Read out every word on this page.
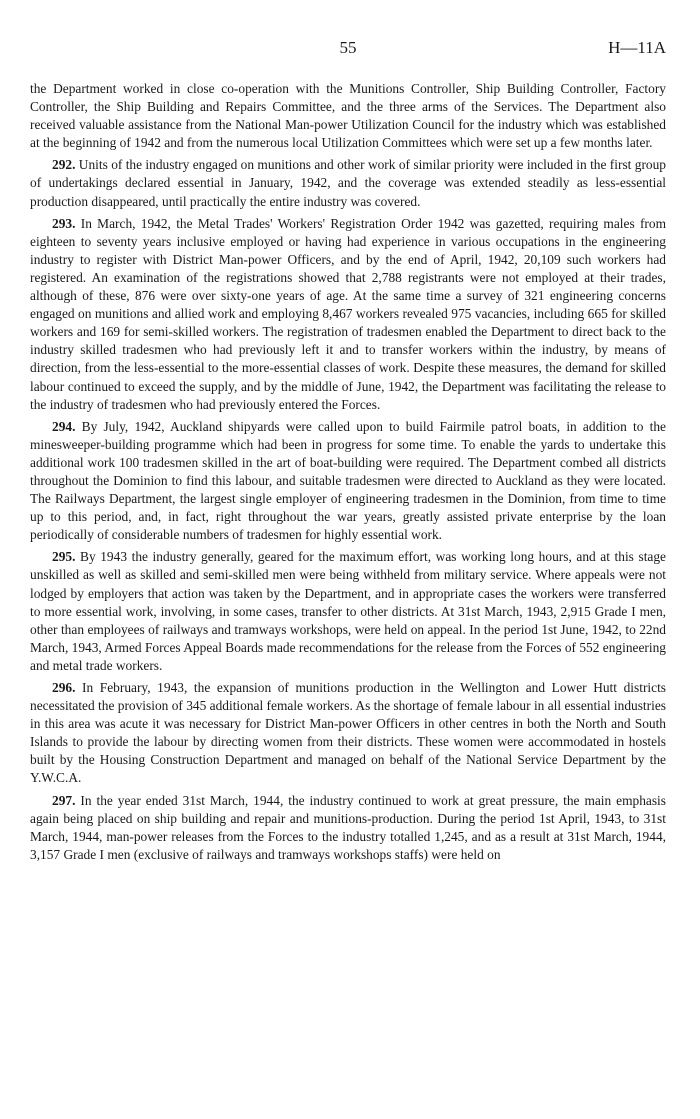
55	H—11A

the Department worked in close co-operation with the Munitions Controller, Ship Building Controller, Factory Controller, the Ship Building and Repairs Committee, and the three arms of the Services. The Department also received valuable assistance from the National Man-power Utilization Council for the industry which was established at the beginning of 1942 and from the numerous local Utilization Committees which were set up a few months later.

292. Units of the industry engaged on munitions and other work of similar priority were included in the first group of undertakings declared essential in January, 1942, and the coverage was extended steadily as less-essential production disappeared, until practically the entire industry was covered.

293. In March, 1942, the Metal Trades' Workers' Registration Order 1942 was gazetted, requiring males from eighteen to seventy years inclusive employed or having had experience in various occupations in the engineering industry to register with District Man-power Officers, and by the end of April, 1942, 20,109 such workers had registered. An examination of the registrations showed that 2,788 registrants were not employed at their trades, although of these, 876 were over sixty-one years of age. At the same time a survey of 321 engineering concerns engaged on munitions and allied work and employing 8,467 workers revealed 975 vacancies, including 665 for skilled workers and 169 for semi-skilled workers. The registration of tradesmen enabled the Department to direct back to the industry skilled tradesmen who had previously left it and to transfer workers within the industry, by means of direction, from the less-essential to the more-essential classes of work. Despite these measures, the demand for skilled labour continued to exceed the supply, and by the middle of June, 1942, the Department was facilitating the release to the industry of tradesmen who had previously entered the Forces.

294. By July, 1942, Auckland shipyards were called upon to build Fairmile patrol boats, in addition to the minesweeper-building programme which had been in progress for some time. To enable the yards to undertake this additional work 100 tradesmen skilled in the art of boat-building were required. The Department combed all districts throughout the Dominion to find this labour, and suitable tradesmen were directed to Auckland as they were located. The Railways Department, the largest single employer of engineering tradesmen in the Dominion, from time to time up to this period, and, in fact, right throughout the war years, greatly assisted private enterprise by the loan periodically of considerable numbers of tradesmen for highly essential work.

295. By 1943 the industry generally, geared for the maximum effort, was working long hours, and at this stage unskilled as well as skilled and semi-skilled men were being withheld from military service. Where appeals were not lodged by employers that action was taken by the Department, and in appropriate cases the workers were transferred to more essential work, involving, in some cases, transfer to other districts. At 31st March, 1943, 2,915 Grade I men, other than employees of railways and tramways workshops, were held on appeal. In the period 1st June, 1942, to 22nd March, 1943, Armed Forces Appeal Boards made recommendations for the release from the Forces of 552 engineering and metal trade workers.

296. In February, 1943, the expansion of munitions production in the Wellington and Lower Hutt districts necessitated the provision of 345 additional female workers. As the shortage of female labour in all essential industries in this area was acute it was necessary for District Man-power Officers in other centres in both the North and South Islands to provide the labour by directing women from their districts. These women were accommodated in hostels built by the Housing Construction Department and managed on behalf of the National Service Department by the Y.W.C.A.

297. In the year ended 31st March, 1944, the industry continued to work at great pressure, the main emphasis again being placed on ship building and repair and munitions-production. During the period 1st April, 1943, to 31st March, 1944, man-power releases from the Forces to the industry totalled 1,245, and as a result at 31st March, 1944, 3,157 Grade I men (exclusive of railways and tramways workshops staffs) were held on
